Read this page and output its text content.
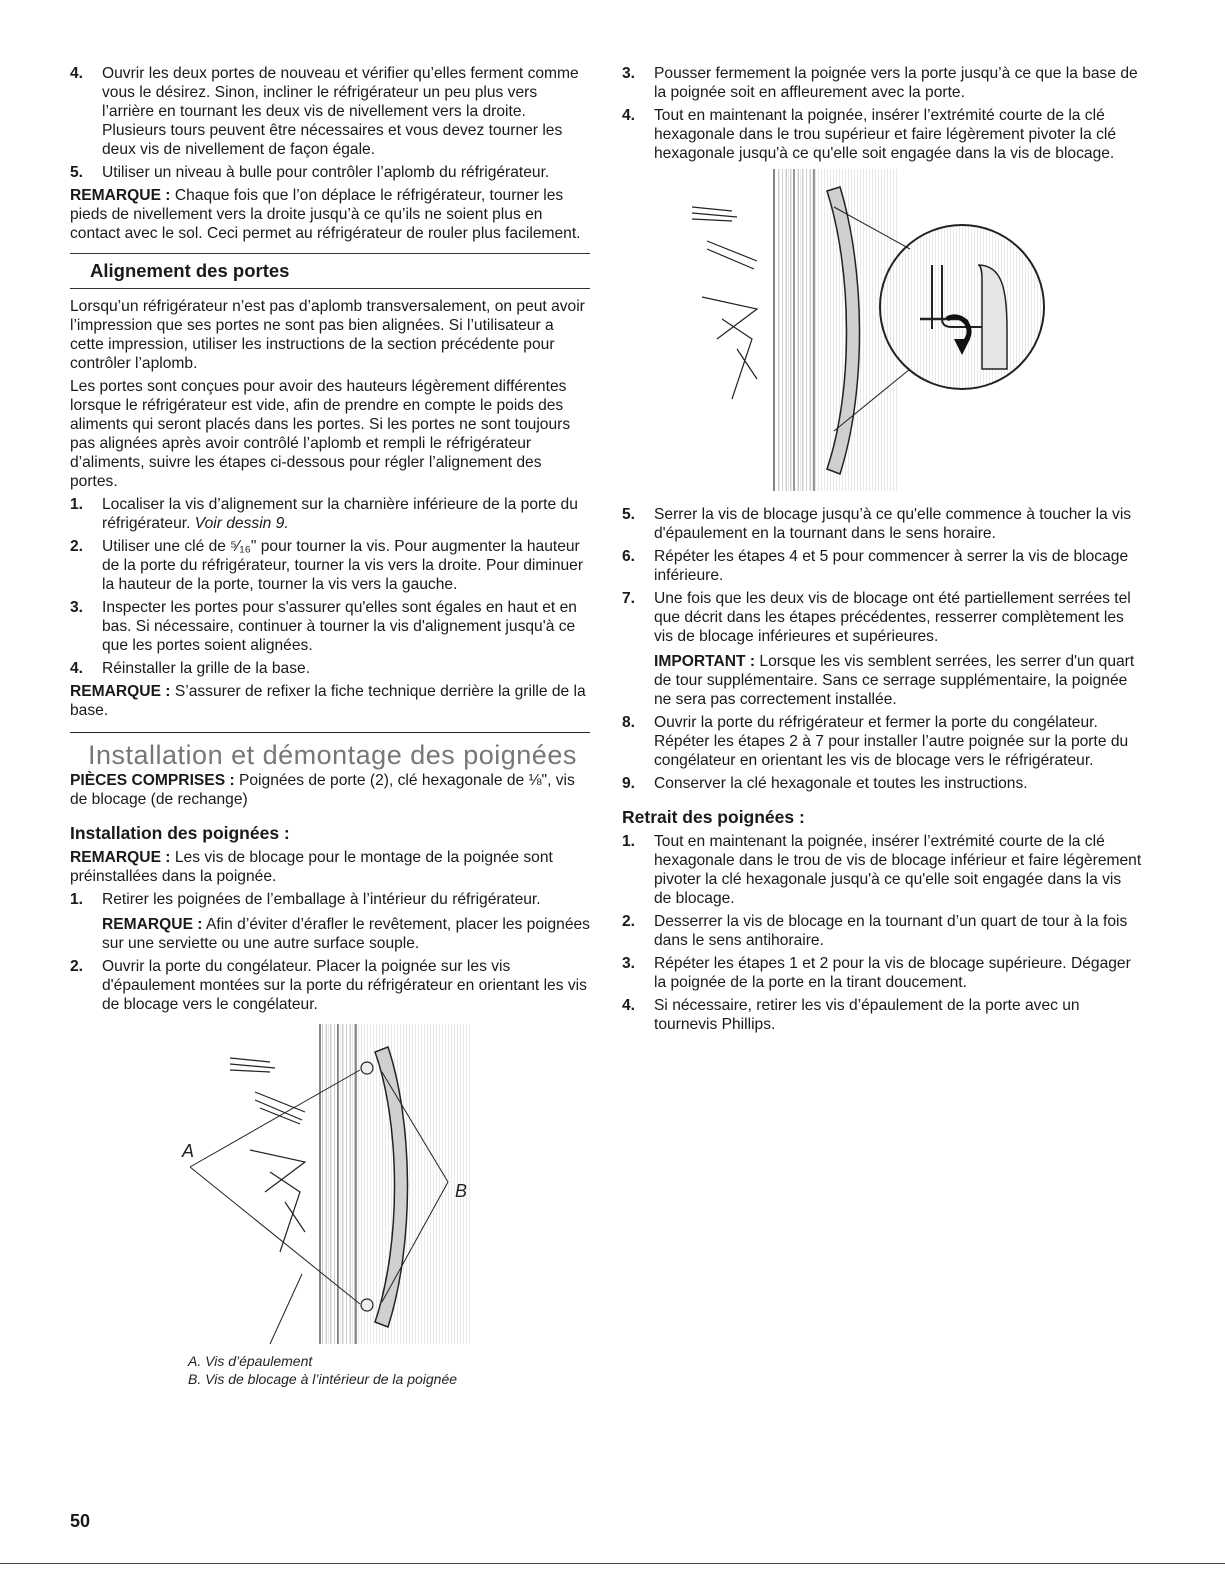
4. Ouvrir les deux portes de nouveau et vérifier qu’elles ferment comme vous le désirez. Sinon, incliner le réfrigérateur un peu plus vers l’arrière en tournant les deux vis de nivellement vers la droite. Plusieurs tours peuvent être nécessaires et vous devez tourner les deux vis de nivellement de façon égale.
5. Utiliser un niveau à bulle pour contrôler l’aplomb du réfrigérateur.

REMARQUE : Chaque fois que l’on déplace le réfrigérateur, tourner les pieds de nivellement vers la droite jusqu’à ce qu’ils ne soient plus en contact avec le sol. Ceci permet au réfrigérateur de rouler plus facilement.

Alignement des portes

Lorsqu’un réfrigérateur n’est pas d’aplomb transversalement, on peut avoir l’impression que ses portes ne sont pas bien alignées. Si l’utilisateur a cette impression, utiliser les instructions de la section précédente pour contrôler l’aplomb.

Les portes sont conçues pour avoir des hauteurs légèrement différentes lorsque le réfrigérateur est vide, afin de prendre en compte le poids des aliments qui seront placés dans les portes. Si les portes ne sont toujours pas alignées après avoir contrôlé l’aplomb et rempli le réfrigérateur d’aliments, suivre les étapes ci-dessous pour régler l’alignement des portes.

1. Localiser la vis d’alignement sur la charnière inférieure de la porte du réfrigérateur. Voir dessin 9.
2. Utiliser une clé de ⁵⁄₁₆" pour tourner la vis. Pour augmenter la hauteur de la porte du réfrigérateur, tourner la vis vers la droite. Pour diminuer la hauteur de la porte, tourner la vis vers la gauche.
3. Inspecter les portes pour s'assurer qu'elles sont égales en haut et en bas. Si nécessaire, continuer à tourner la vis d'alignement jusqu'à ce que les portes soient alignées.
4. Réinstaller la grille de la base.

REMARQUE : S’assurer de refixer la fiche technique derrière la grille de la base.

Installation et démontage des poignées

PIÈCES COMPRISES : Poignées de porte (2), clé hexagonale de ⅛", vis de blocage (de rechange)

Installation des poignées :

REMARQUE : Les vis de blocage pour le montage de la poignée sont préinstallées dans la poignée.

1. Retirer les poignées de l’emballage à l’intérieur du réfrigérateur.
REMARQUE : Afin d’éviter d’érafler le revêtement, placer les poignées sur une serviette ou une autre surface souple.
2. Ouvrir la porte du congélateur. Placer la poignée sur les vis d'épaulement montées sur la porte du réfrigérateur en orientant les vis de blocage vers le congélateur.
A
B
A. Vis d’épaulement
B. Vis de blocage à l’intérieur de la poignée
3. Pousser fermement la poignée vers la porte jusqu’à ce que la base de la poignée soit en affleurement avec la porte.
4. Tout en maintenant la poignée, insérer l’extrémité courte de la clé hexagonale dans le trou supérieur et faire légèrement pivoter la clé hexagonale jusqu'à ce qu'elle soit engagée dans la vis de blocage.
5. Serrer la vis de blocage jusqu’à ce qu'elle commence à toucher la vis d'épaulement en la tournant dans le sens horaire.
6. Répéter les étapes 4 et 5 pour commencer à serrer la vis de blocage inférieure.
7. Une fois que les deux vis de blocage ont été partiellement serrées tel que décrit dans les étapes précédentes, resserrer complètement les vis de blocage inférieures et supérieures.
IMPORTANT : Lorsque les vis semblent serrées, les serrer d'un quart de tour supplémentaire. Sans ce serrage supplémentaire, la poignée ne sera pas correctement installée.
8. Ouvrir la porte du réfrigérateur et fermer la porte du congélateur. Répéter les étapes 2 à 7 pour installer l’autre poignée sur la porte du congélateur en orientant les vis de blocage vers le réfrigérateur.
9. Conserver la clé hexagonale et toutes les instructions.
Retrait des poignées :
1. Tout en maintenant la poignée, insérer l’extrémité courte de la clé hexagonale dans le trou de vis de blocage inférieur et faire légèrement pivoter la clé hexagonale jusqu'à ce qu'elle soit engagée dans la vis de blocage.
2. Desserrer la vis de blocage en la tournant d’un quart de tour à la fois dans le sens antihoraire.
3. Répéter les étapes 1 et 2 pour la vis de blocage supérieure. Dégager la poignée de la porte en la tirant doucement.
4. Si nécessaire, retirer les vis d’épaulement de la porte avec un tournevis Phillips.
50
